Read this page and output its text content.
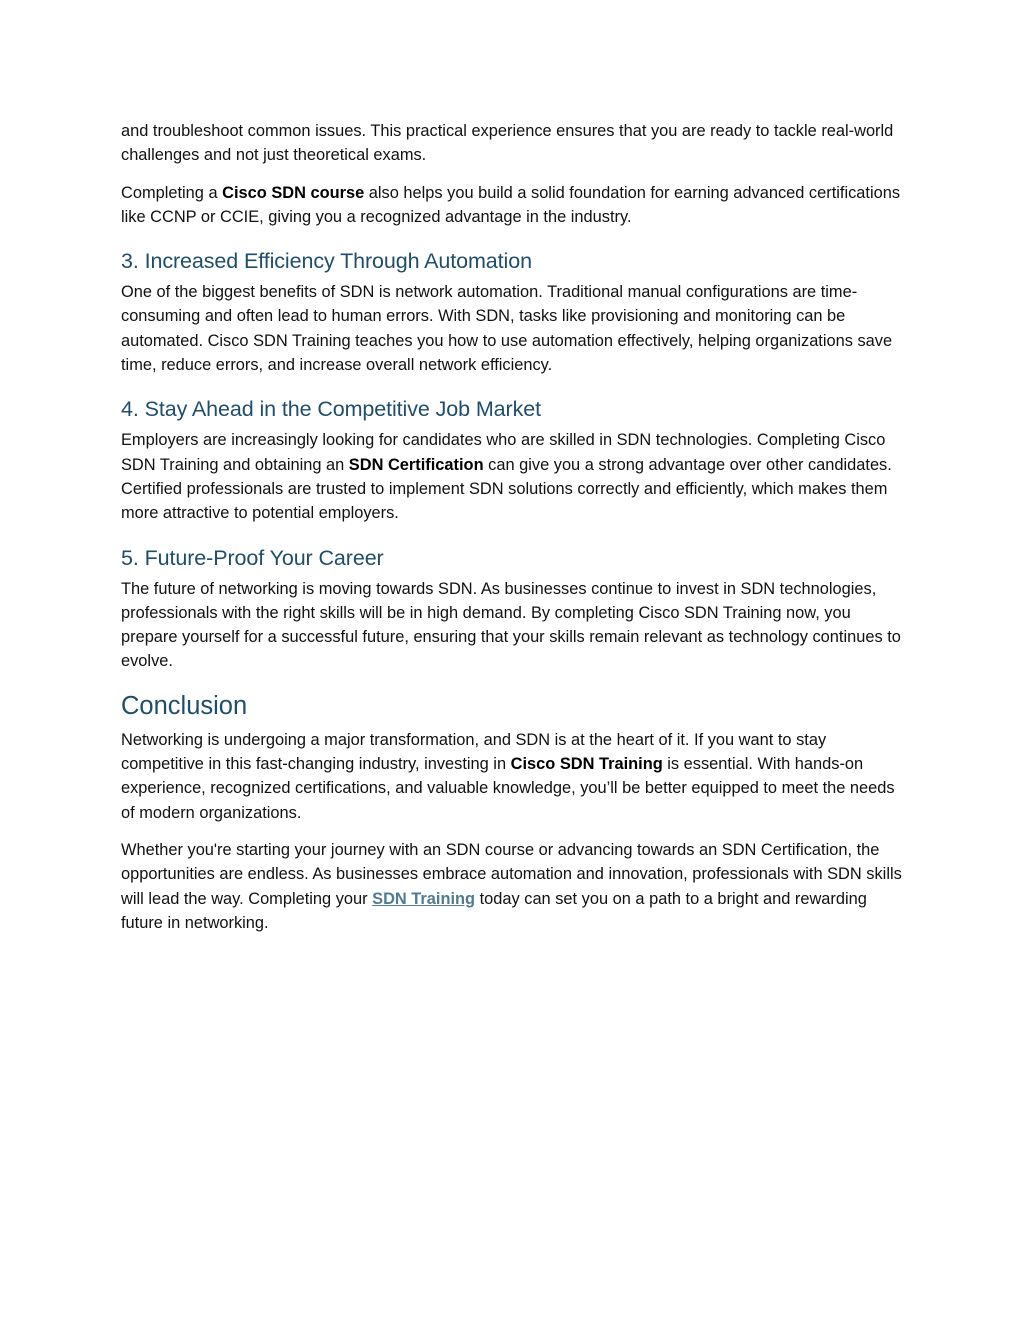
and troubleshoot common issues. This practical experience ensures that you are ready to tackle real-world challenges and not just theoretical exams.

Completing a Cisco SDN course also helps you build a solid foundation for earning advanced certifications like CCNP or CCIE, giving you a recognized advantage in the industry.

3. Increased Efficiency Through Automation

One of the biggest benefits of SDN is network automation. Traditional manual configurations are time-consuming and often lead to human errors. With SDN, tasks like provisioning and monitoring can be automated. Cisco SDN Training teaches you how to use automation effectively, helping organizations save time, reduce errors, and increase overall network efficiency.

4. Stay Ahead in the Competitive Job Market

Employers are increasingly looking for candidates who are skilled in SDN technologies. Completing Cisco SDN Training and obtaining an SDN Certification can give you a strong advantage over other candidates. Certified professionals are trusted to implement SDN solutions correctly and efficiently, which makes them more attractive to potential employers.

5. Future-Proof Your Career

The future of networking is moving towards SDN. As businesses continue to invest in SDN technologies, professionals with the right skills will be in high demand. By completing Cisco SDN Training now, you prepare yourself for a successful future, ensuring that your skills remain relevant as technology continues to evolve.

Conclusion

Networking is undergoing a major transformation, and SDN is at the heart of it. If you want to stay competitive in this fast-changing industry, investing in Cisco SDN Training is essential. With hands-on experience, recognized certifications, and valuable knowledge, you’ll be better equipped to meet the needs of modern organizations.

Whether you're starting your journey with an SDN course or advancing towards an SDN Certification, the opportunities are endless. As businesses embrace automation and innovation, professionals with SDN skills will lead the way. Completing your SDN Training today can set you on a path to a bright and rewarding future in networking.
